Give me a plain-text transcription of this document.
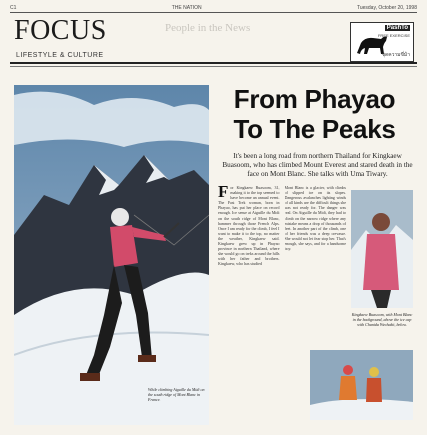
C1	THE NATION	Tuesday, October 20, 1998
FOCUS
LIFESTYLE & CULTURE
People in the News	PashTo
FREE EXERCISE
ชุดความขี่ม้า
While climbing Aiguille du Midi on the south ridge of Mont Blanc in France.
From Phayao
To The Peaks
It's been a long road from northern Thailand for Kingkaew Buasoom, who has climbed Mount Everest and stared death in the face on Mont Blanc. She talks with Uma Tiwary.
For Kingkaew Buasoom, 31, making it to the top seemed to have become an annual event. The Fast Trek woman, born in Phayao, has put her place on record enough. Ice sense at Aiguille du Midi on the south ridge of Mont Blanc, hammer through those French Alps. Once I am ready for the climb, I feel I want to make it to the top, no matter the weather, Kingkaew said. Kingkaew grew up in Phayao province in northern Thailand, where she would go on treks around the hills with her father and brothers. Kingkaew, who has studied
Mont Blanc is a glacier, with climbs of slipped ice on its slopes. Dangerous avalanches lighting winds of all kinds are the difficult things she was not ready for. The danger was real. On Aiguille du Midi, they had to climb on the narrow ridge where any mistake means a drop of thousands of feet. In another part of the climb, one of her friends was a deep crevasse. She would not let fear stop her. That's enough, she says, and for a handsome boy.
Kingkaew Buasoom, with Mont Blanc in the background, above the ice cap with Chanida Wechakit, below.
